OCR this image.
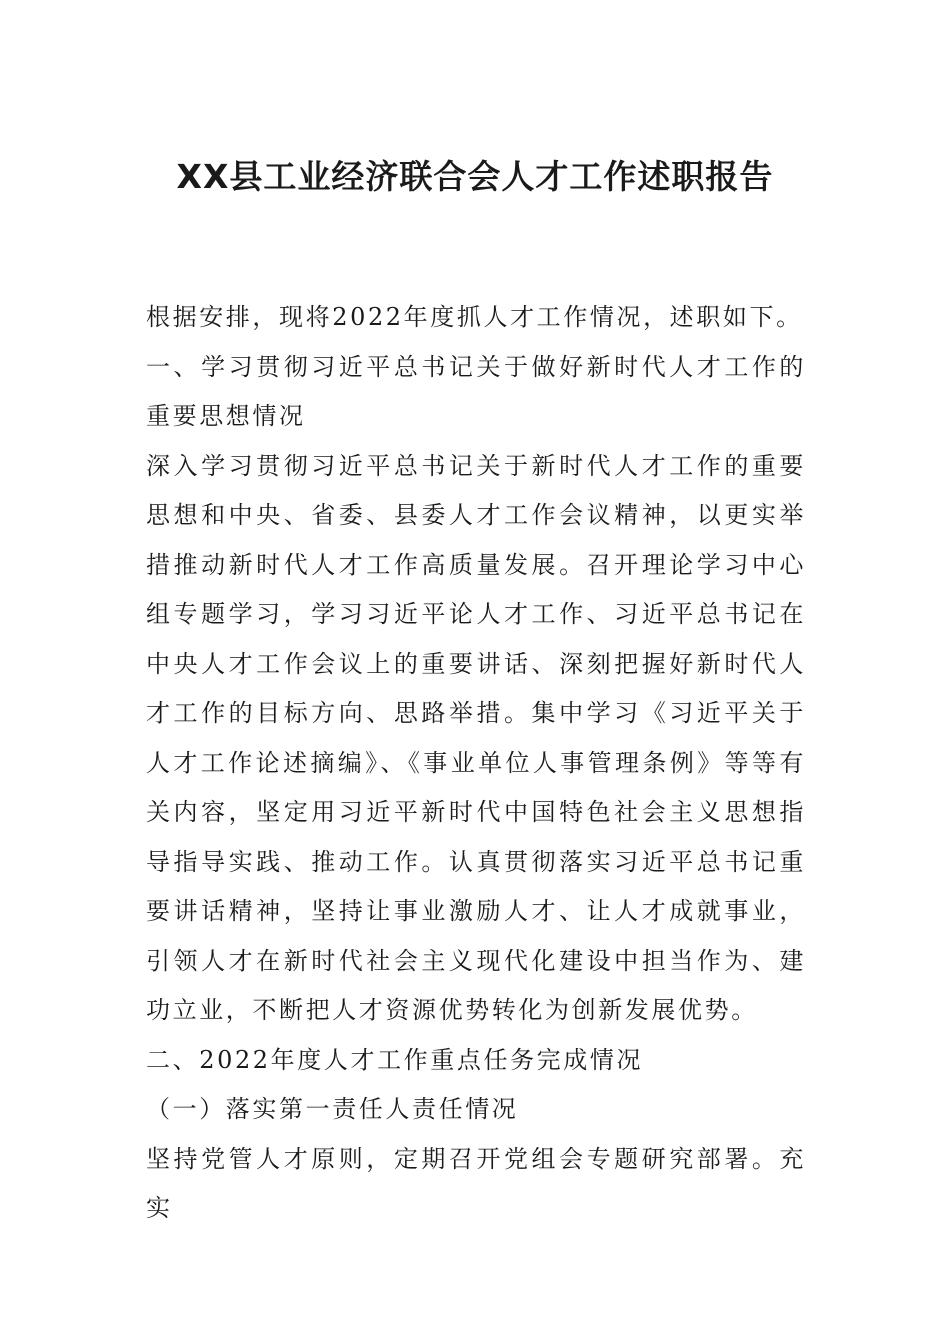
XX县工业经济联合会人才工作述职报告

根据安排，现将2022年度抓人才工作情况，述职如下。

一、学习贯彻习近平总书记关于做好新时代人才工作的重要思想情况

深入学习贯彻习近平总书记关于新时代人才工作的重要思想和中央、省委、县委人才工作会议精神，以更实举措推动新时代人才工作高质量发展。召开理论学习中心组专题学习，学习习近平论人才工作、习近平总书记在中央人才工作会议上的重要讲话、深刻把握好新时代人才工作的目标方向、思路举措。集中学习《习近平关于人才工作论述摘编》、《事业单位人事管理条例》等等有关内容，坚定用习近平新时代中国特色社会主义思想指导指导实践、推动工作。认真贯彻落实习近平总书记重要讲话精神，坚持让事业激励人才、让人才成就事业，引领人才在新时代社会主义现代化建设中担当作为、建功立业，不断把人才资源优势转化为创新发展优势。

二、2022年度人才工作重点任务完成情况

（一）落实第一责任人责任情况

坚持党管人才原则，定期召开党组会专题研究部署。充实
